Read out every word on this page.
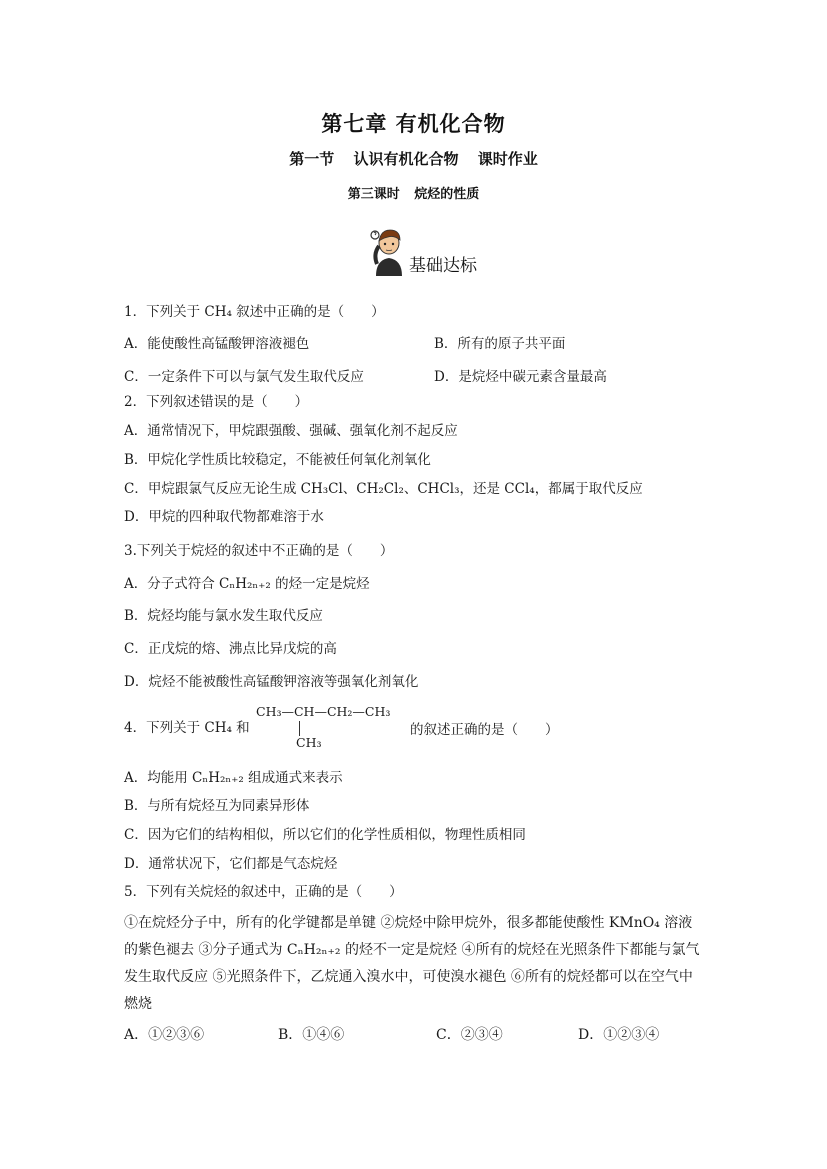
第七章 有机化合物
第一节 认识有机化合物 课时作业
第三课时 烷烃的性质
基础达标
1．下列关于 CH₄ 叙述中正确的是（　　）
A．能使酸性高锰酸钾溶液褪色	B．所有的原子共平面
C．一定条件下可以与氯气发生取代反应	D．是烷烃中碳元素含量最高
2．下列叙述错误的是（　　）
A．通常情况下，甲烷跟强酸、强碱、强氧化剂不起反应
B．甲烷化学性质比较稳定，不能被任何氧化剂氧化
C．甲烷跟氯气反应无论生成 CH₃Cl、CH₂Cl₂、CHCl₃，还是 CCl₄，都属于取代反应
D．甲烷的四种取代物都难溶于水
3.下列关于烷烃的叙述中不正确的是（　　）
A．分子式符合 CₙH₂ₙ₊₂ 的烃一定是烷烃
B．烷烃均能与氯水发生取代反应
C．正戊烷的熔、沸点比异戊烷的高
D．烷烃不能被酸性高锰酸钾溶液等强氧化剂氧化
4．下列关于 CH₄ 和
CH₃—CH—CH₂—CH₃
CH₃
的叙述正确的是（　　）
A．均能用 CₙH₂ₙ₊₂ 组成通式来表示
B．与所有烷烃互为同素异形体
C．因为它们的结构相似，所以它们的化学性质相似，物理性质相同
D．通常状况下，它们都是气态烷烃
5．下列有关烷烃的叙述中，正确的是（　　）
①在烷烃分子中，所有的化学键都是单键 ②烷烃中除甲烷外，很多都能使酸性 KMnO₄ 溶液的紫色褪去 ③分子通式为 CₙH₂ₙ₊₂ 的烃不一定是烷烃 ④所有的烷烃在光照条件下都能与氯气发生取代反应 ⑤光照条件下，乙烷通入溴水中，可使溴水褪色 ⑥所有的烷烃都可以在空气中燃烧
A．①②③⑥	B．①④⑥	C．②③④	D．①②③④
